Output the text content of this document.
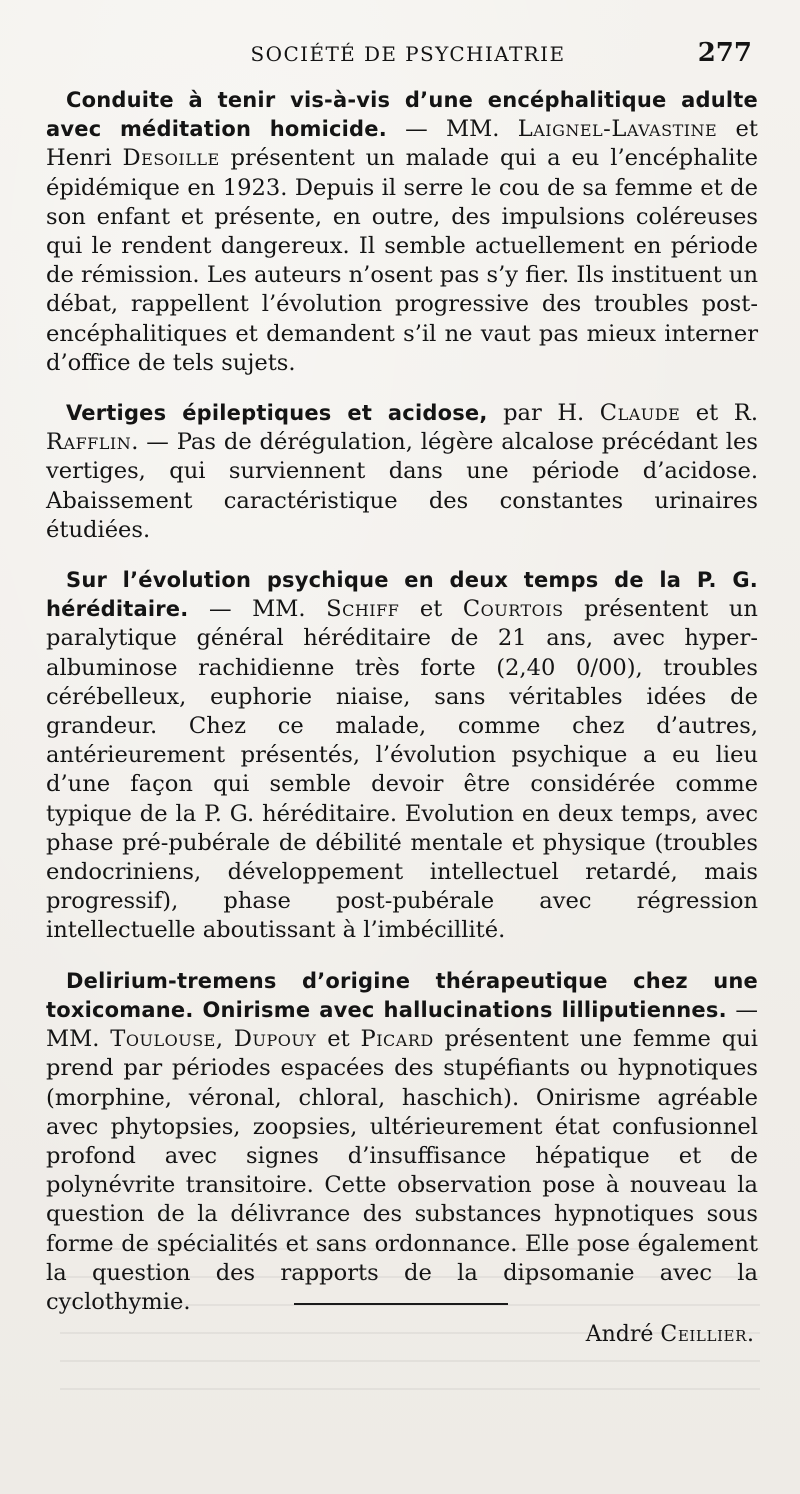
SOCIÉTÉ DE PSYCHIATRIE	277

Conduite à tenir vis-à-vis d’une encéphalitique adulte avec méditation homicide. — MM. Laignel-Lavastine et Henri Desoille présentent un malade qui a eu l’encéphalite épidémique en 1923. Depuis il serre le cou de sa femme et de son enfant et présente, en outre, des impulsions coléreuses qui le rendent dangereux. Il semble actuellement en période de rémission. Les auteurs n’osent pas s’y fier. Ils instituent un débat, rappellent l’évolution progressive des troubles post-encéphalitiques et demandent s’il ne vaut pas mieux interner d’office de tels sujets.

Vertiges épileptiques et acidose, par H. Claude et R. Rafflin. — Pas de dérégulation, légère alcalose précédant les vertiges, qui surviennent dans une période d’acidose. Abaissement caractéristique des constantes urinaires étudiées.

Sur l’évolution psychique en deux temps de la P. G. héréditaire. — MM. Schiff et Courtois présentent un paralytique général héréditaire de 21 ans, avec hyper-albuminose rachidienne très forte (2,40 0/00), troubles cérébelleux, euphorie niaise, sans véritables idées de grandeur. Chez ce malade, comme chez d’autres, antérieurement présentés, l’évolution psychique a eu lieu d’une façon qui semble devoir être considérée comme typique de la P. G. héréditaire. Evolution en deux temps, avec phase pré-pubérale de débilité mentale et physique (troubles endocriniens, développement intellectuel retardé, mais progressif), phase post-pubérale avec régression intellectuelle aboutissant à l’imbécillité.

Delirium-tremens d’origine thérapeutique chez une toxicomane. Onirisme avec hallucinations lilliputiennes. — MM. Toulouse, Dupouy et Picard présentent une femme qui prend par périodes espacées des stupéfiants ou hypnotiques (morphine, véronal, chloral, haschich). Onirisme agréable avec phytopsies, zoopsies, ultérieurement état confusionnel profond avec signes d’insuffisance hépatique et de polynévrite transitoire. Cette observation pose à nouveau la question de la délivrance des substances hypnotiques sous forme de spécialités et sans ordonnance. Elle pose également la question des rapports de la dipsomanie avec la cyclothymie.

André Ceillier.
